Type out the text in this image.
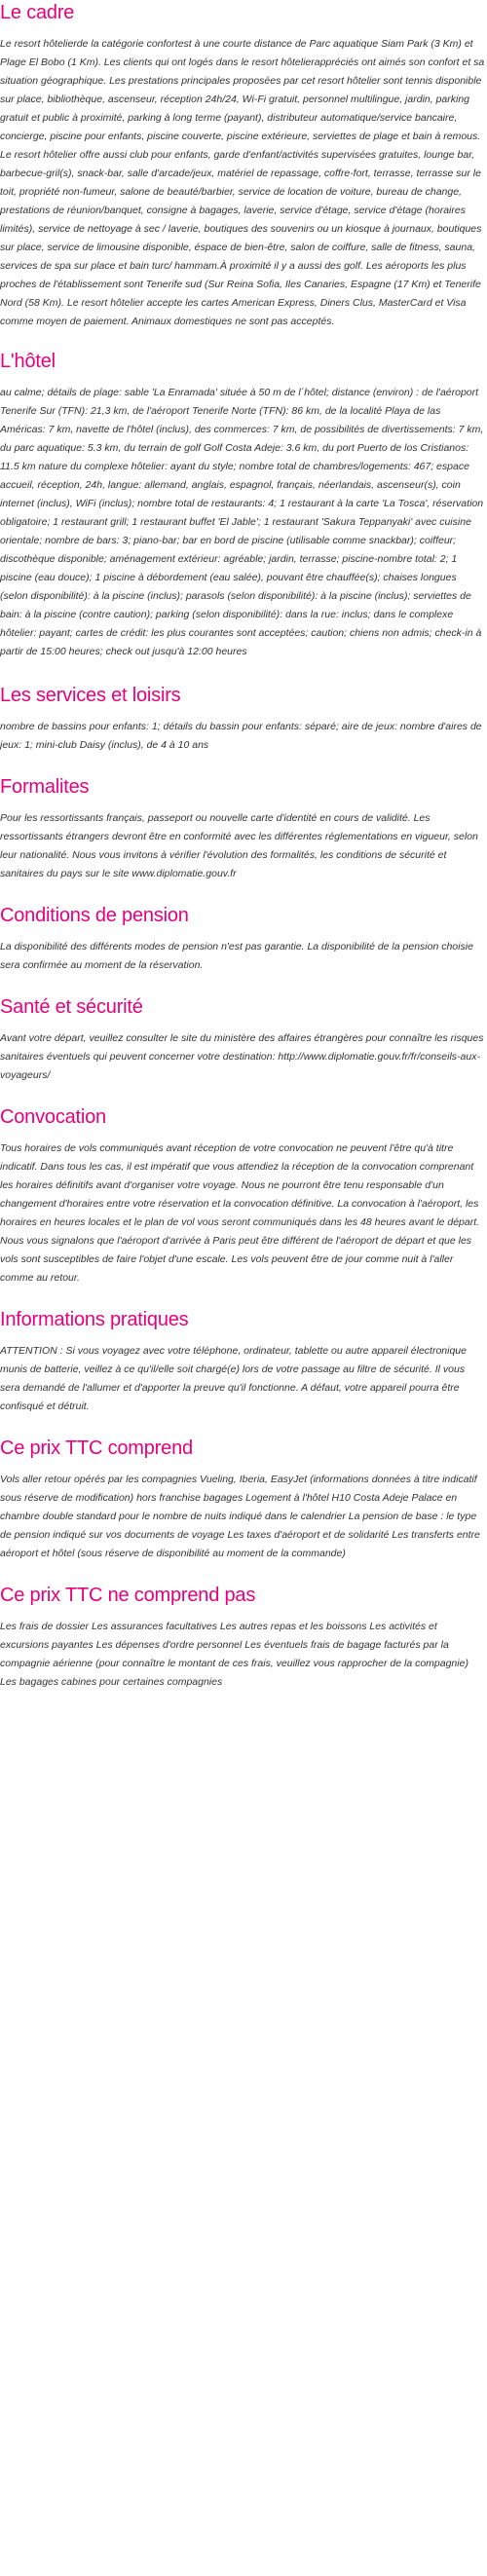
Le cadre

Le resort hôtelierde la catégorie confortest à une courte distance de Parc aquatique Siam Park (3 Km) et Plage El Bobo (1 Km). Les clients qui ont logés dans le resort hôtelierappréciés ont aimés son confort et sa situation géographique. Les prestations principales proposées par cet resort hôtelier sont tennis disponible sur place, bibliothèque, ascenseur, réception 24h/24, Wi-Fi gratuit, personnel multilingue, jardin, parking gratuit et public à proximité, parking à long terme (payant), distributeur automatique/service bancaire, concierge, piscine pour enfants, piscine couverte, piscine extérieure, serviettes de plage et bain à remous. Le resort hôtelier offre aussi club pour enfants, garde d'enfant/activités supervisées gratuites, lounge bar, barbecue-gril(s), snack-bar, salle d'arcade/jeux, matériel de repassage, coffre-fort, terrasse, terrasse sur le toit, propriété non-fumeur, salone de beauté/barbier, service de location de voiture, bureau de change, prestations de réunion/banquet, consigne à bagages, laverie, service d'étage, service d'étage (horaires limités), service de nettoyage à sec / laverie, boutiques des souvenirs ou un kiosque à journaux, boutiques sur place, service de limousine disponible, éspace de bien-être, salon de coiffure, salle de fitness, sauna, services de spa sur place et bain turc/ hammam.À proximité il y a aussi des golf. Les aéroports les plus proches de l'établissement sont Tenerife sud (Sur Reina Sofia, Iles Canaries, Espagne (17 Km) et Tenerife Nord (58 Km). Le resort hôtelier accepte les cartes American Express, Diners Clus, MasterCard et Visa comme moyen de paiement. Animaux domestiques ne sont pas acceptés.

L'hôtel

au calme; détails de plage: sable 'La Enramada' située à 50 m de l´hôtel; distance (environ) : de l'aéroport Tenerife Sur (TFN): 21,3 km, de l'aéroport Tenerife Norte (TFN): 86 km, de la localité Playa de las Américas: 7 km, navette de l'hôtel (inclus), des commerces: 7 km, de possibilités de divertissements: 7 km, du parc aquatique: 5.3 km, du terrain de golf Golf Costa Adeje: 3.6 km, du port Puerto de los Cristianos: 11.5 km nature du complexe hôtelier: ayant du style; nombre total de chambres/logements: 467; espace accueil, réception, 24h, langue: allemand, anglais, espagnol, français, néerlandais, ascenseur(s), coin internet (inclus), WiFi (inclus); nombre total de restaurants: 4; 1 restaurant à la carte 'La Tosca', réservation obligatoire; 1 restaurant grill; 1 restaurant buffet 'El Jable'; 1 restaurant 'Sakura Teppanyaki' avec cuisine orientale; nombre de bars: 3; piano-bar; bar en bord de piscine (utilisable comme snackbar); coiffeur; discothèque disponible; aménagement extérieur: agréable; jardin, terrasse; piscine-nombre total: 2; 1 piscine (eau douce); 1 piscine à débordement (eau salée), pouvant être chauffée(s); chaises longues (selon disponibilité): à la piscine (inclus); parasols (selon disponibilité): à la piscine (inclus); serviettes de bain: à la piscine (contre caution); parking (selon disponibilité): dans la rue: inclus; dans le complexe hôtelier: payant; cartes de crédit: les plus courantes sont acceptées; caution; chiens non admis; check-in à partir de 15:00 heures; check out jusqu'à 12:00 heures

Les services et loisirs

nombre de bassins pour enfants: 1; détails du bassin pour enfants: séparé; aire de jeux: nombre d'aires de jeux: 1; mini-club Daisy (inclus), de 4 à 10 ans

Formalites

Pour les ressortissants français, passeport ou nouvelle carte d'identité en cours de validité. Les ressortissants étrangers devront être en conformité avec les différentes réglementations en vigueur, selon leur nationalité. Nous vous invitons à vérifier l'évolution des formalités, les conditions de sécurité et sanitaires du pays sur le site www.diplomatie.gouv.fr

Conditions de pension

La disponibilité des différents modes de pension n'est pas garantie. La disponibilité de la pension choisie sera confirmée au moment de la réservation.

Santé et sécurité

Avant votre départ, veuillez consulter le site du ministère des affaires étrangères pour connaître les risques sanitaires éventuels qui peuvent concerner votre destination: http://www.diplomatie.gouv.fr/fr/conseils-aux-voyageurs/

Convocation

Tous horaires de vols communiqués avant réception de votre convocation ne peuvent l'être qu'à titre indicatif. Dans tous les cas, il est impératif que vous attendiez la réception de la convocation comprenant les horaires définitifs avant d'organiser votre voyage. Nous ne pourront être tenu responsable d'un changement d'horaires entre votre réservation et la convocation définitive. La convocation à l'aéroport, les horaires en heures locales et le plan de vol vous seront communiqués dans les 48 heures avant le départ. Nous vous signalons que l'aéroport d'arrivée à Paris peut être différent de l'aéroport de départ et que les vols sont susceptibles de faire l'objet d'une escale. Les vols peuvent être de jour comme nuit à l'aller comme au retour.

Informations pratiques

ATTENTION : Si vous voyagez avec votre téléphone, ordinateur, tablette ou autre appareil électronique munis de batterie, veillez à ce qu'il/elle soit chargé(e) lors de votre passage au filtre de sécurité. Il vous sera demandé de l'allumer et d'apporter la preuve qu'il fonctionne. A défaut, votre appareil pourra être confisqué et détruit.

Ce prix TTC comprend

Vols aller retour opérés par les compagnies Vueling, Iberia, EasyJet (informations données à titre indicatif sous réserve de modification) hors franchise bagages Logement à l'hôtel H10 Costa Adeje Palace en chambre double standard pour le nombre de nuits indiqué dans le calendrier La pension de base : le type de pension indiqué sur vos documents de voyage Les taxes d'aéroport et de solidarité Les transferts entre aéroport et hôtel (sous réserve de disponibilité au moment de la commande)

Ce prix TTC ne comprend pas

Les frais de dossier Les assurances facultatives Les autres repas et les boissons Les activités et excursions payantes Les dépenses d'ordre personnel Les éventuels frais de bagage facturés par la compagnie aérienne (pour connaître le montant de ces frais, veuillez vous rapprocher de la compagnie) Les bagages cabines pour certaines compagnies
